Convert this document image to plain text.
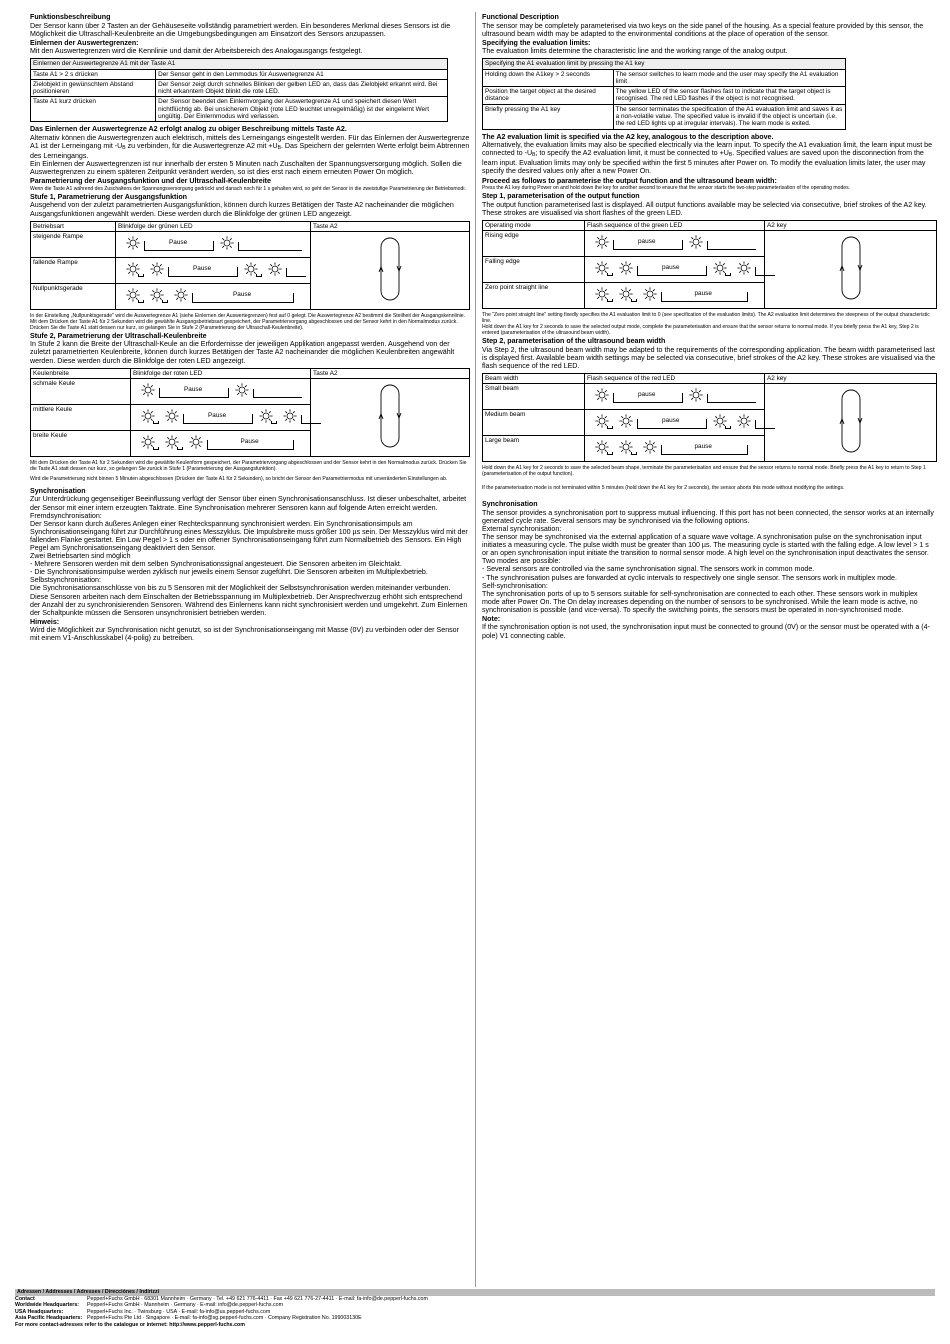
Funktionsbeschreibung
Der Sensor kann über 2 Tasten an der Gehäuseseite vollständig parametriert werden. Ein besonderes Merkmal dieses Sensors ist die Möglichkeit die Ultraschall-Keulenbreite an die Umgebungsbedingungen am Einsatzort des Sensors anzupassen.
Einlernen der Auswertegrenzen:
Mit den Auswertegrenzen wird die Kennlinie und damit der Arbeitsbereich des Analogausgangs festgelegt.
Einlernen der Auswertegrenze A1 mit der Taste A1	
Taste A1 > 2 s drücken	Der Sensor geht in den Lernmodus für Auswertegrenze A1
Zielobjekt in gewünschtem Abstand positionieren	Der Sensor zeigt durch schnelles Blinken der gelben LED an, dass das Zielobjekt erkannt wird. Bei nicht erkanntem Objekt blinkt die rote LED.
Taste A1 kurz drücken	Der Sensor beendet den Einlernvorgang der Auswertegrenze A1 und speichert diesen Wert nichtflüchtig ab. Bei unsicherem Objekt (rote LED leuchtet unregelmäßig) ist der eingelernt Wert ungültig. Der Einlernmodus wird verlassen.
Das Einlernen der Auswertegrenze A2 erfolgt analog zu obiger Beschreibung mittels Taste A2.
Alternativ können die Auswertegrenzen auch elektrisch, mittels des Lerneingangs eingestellt werden. Für das Einlernen der Auswertegrenze A1 ist der Lerneingang mit $-U_B$ zu verbinden, für die Auswertegrenze A2 mit $+U_B$. Das Speichern der gelernten Werte erfolgt beim Abtrennen des Lerneingangs.
Ein Einlernen der Auswertegrenzen ist nur innerhalb der ersten 5 Minuten nach Zuschalten der Spannungsversorgung möglich. Sollen die Auswertegrenzen zu einem späteren Zeitpunkt verändert werden, so ist dies erst nach einem erneuten Power On möglich.
Parametrierung der Ausgangsfunktion und der Ultraschall-Keulenbreite
Wenn die Taste A1 während des Zuschaltens der Spannungsversorgung gedrückt und danach noch für 1 s gehalten wird, so geht der Sensor in die zweistufige Parametrierung der Betriebsmodi.
Stufe 1, Parametrierung der Ausgangsfunktion
Ausgehend von der zuletzt parametrierten Ausgangsfunktion, können durch kurzes Betätigen der Taste A2 nacheinander die möglichen Ausgangsfunktionen angewählt werden. Diese werden durch die Blinkfolge der grünen LED angezeigt.
Betriebsart	Blinkfolge der grünen LED	Taste A2
steigende Rampe	Pause

fallende Rampe	Pause	

Nullpunktsgerade	Pause	
In der Einstellung „Nullpunktsgerade" wird die Auswertegrenze A1 (siehe Einlernen der Auswertegrenzen) fest auf 0 gelegt. Die Auswertegrenze A2 bestimmt die Steilheit der Ausgangskennlinie.
Mit dem Drücken der Taste A1 für 2 Sekunden wird die gewählte Ausgangsbetriebsart gespeichert, der Parametriervorgang abgeschlossen und der Sensor kehrt in den Normalmodus zurück. Drücken Sie die Taste A1 statt dessen nur kurz, so gelangen Sie in Stufe 2 (Parametrierung der Ultraschall-Keulenbreite).
Stufe 2, Parametrierung der Ultraschall-Keulenbreite
In Stufe 2 kann die Breite der Ultraschall-Keule an die Erfordernisse der jeweiligen Applikation angepasst werden. Ausgehend von der zuletzt parametrierten Keulenbreite, können durch kurzes Betätigen der Taste A2 nacheinander die möglichen Keulenbreiten angewählt werden. Diese werden durch die Blinkfolge der roten LED angezeigt.
Keulenbreite	Blinkfolge der roten LED	Taste A2
schmale Keule	Pause

mittlere Keule	Pause	

breite Keule	Pause	
Mit dem Drücken der Taste A1 für 2 Sekunden wird die gewählte Keulenform gespeichert, der Parametriervorgang abgeschlossen und der Sensor kehrt in den Normalmodus zurück. Drücken Sie die Taste A1 statt dessen nur kurz, so gelangen Sie zurück in Stufe 1 (Parametrierung der Ausgangsfunktion).
Wird die Parametrierung nicht binnen 5 Minuten abgeschlossen (Drücken der Taste A1 für 2 Sekunden), so bricht der Sensor den Parametriermodus mit unveränderten Einstellungen ab.
Synchronisation
Zur Unterdrückung gegenseitiger Beeinflussung verfügt der Sensor über einen Synchronisationsanschluss. Ist dieser unbeschaltet, arbeitet der Sensor mit einer intern erzeugten Taktrate. Eine Synchronisation mehrerer Sensoren kann auf folgende Arten erreicht werden.
Fremdsynchronisation:
Der Sensor kann durch äußeres Anlegen einer Rechteckspannung synchronisiert werden. Ein Synchronisationsimpuls am Synchronisationseingang führt zur Durchführung eines Messzyklus. Die Impulsbreite muss größer 100 µs sein. Der Messzyklus wird mit der fallenden Flanke gestartet. Ein Low Pegel > 1 s oder ein offener Synchronisationseingang führt zum Normalbetrieb des Sensors. Ein High Pegel am Synchronisationseingang deaktiviert den Sensor.
Zwei Betriebsarten sind möglich
- Mehrere Sensoren werden mit dem selben Synchronisationssignal angesteuert. Die Sensoren arbeiten im Gleichtakt.
- Die Synchronisationsimpulse werden zyklisch nur jeweils einem Sensor zugeführt. Die Sensoren arbeiten im Multiplexbetrieb.
Selbstsynchronisation:
Die Synchronisationsanschlüsse von bis zu 5 Sensoren mit der Möglichkeit der Selbstsynchronisation werden miteinander verbunden. Diese Sensoren arbeiten nach dem Einschalten der Betriebsspannung im Multiplexbetrieb. Der Ansprechverzug erhöht sich entsprechend der Anzahl der zu synchronisierenden Sensoren. Während des Einlernens kann nicht synchronisiert werden und umgekehrt. Zum Einlernen der Schaltpunkte müssen die Sensoren unsynchronisiert betrieben werden.
Hinweis:
Wird die Möglichkeit zur Synchronisation nicht genutzt, so ist der Synchronisationseingang mit Masse (0V) zu verbinden oder der Sensor mit einem V1-Anschlusskabel (4-polig) zu betreiben.
Functional Description
The sensor may be completely parameterised via two keys on the side panel of the housing. As a special feature provided by this sensor, the ultrasound beam width may be adapted to the environmental conditions at the place of operation of the sensor.
Specifying the evaluation limits:
The evaluation limits determine the characteristic line and the working range of the analog output.
Specifying the A1 evaluation limit by pressing the A1 key	
Holding down the A1key > 2 seconds	The sensor switches to learn mode and the user may specify the A1 evaluation limit
Position the target object at the desired distance	The yellow LED of the sensor flashes fast to indicate that the target object is recognised. The red LED flashes if the object is not recognised.
Briefly pressing the A1 key	The sensor terminates the specification of the A1 evaluation limit and saves it as a non-volatile value. The specified value is invalid if the object is uncertain (i.e. the red LED lights up at irregular intervals). The learn mode is exited.
The A2 evaluation limit is specified via the A2 key, analogous to the description above.
Alternatively, the evaluation limits may also be specified electrically via the learn input. To specify the A1 evaluation limit, the learn input must be connected to $-U_B$; to specify the A2 evaluation limit, it must be connected to $+U_B$. Specified values are saved upon the disconnection from the learn input. Evaluation limits may only be specified within the first 5 minutes after Power on. To modify the evaluation limits later, the user may specify the desired values only after a new Power On.
Proceed as follows to parameterise the output function and the ultrasound beam width:
Press the A1 key during Power on and hold down the key for another second to ensure that the sensor starts the two-step parameterisation of the operating modes.
Step 1, parameterisation of the output function
The output function parameterised last is displayed. All output functions available may be selected via consecutive, brief strokes of the A2 key. These strokes are visualised via short flashes of the green LED.
Operating mode	Flash sequence of the green LED	A2 key
Rising edge	pause

Falling edge	pause	

Zero point straight line	pause	
The "Zero point straight line" setting fixedly specifies the A1 evaluation limit to 0 (see specification of the evaluation limits). The A2 evaluation limit determines the steepness of the output characteristic line.
Hold down the A1 key for 2 seconds to save the selected output mode, complete the parameterisation and ensure that the sensor returns to normal mode. If you briefly press the A1 key, Step 2 is entered (parameterisation of the ultrasound beam width).
Step 2, parameterisation of the ultrasound beam width
Via Step 2, the ultrasound beam width may be adapted to the requirements of the corresponding application. The beam width parameterised last is displayed first. Available beam width settings may be selected via consecutive, brief strokes of the A2 key. These strokes are visualised via the flash sequence of the red LED.
Beam width	Flash sequence of the red LED	A2 key
Small beam	pause

Medium beam	pause	

Large beam	pause	
Hold down the A1 key for 2 seconds to save the selected beam shape, terminate the parameterisation and ensure that the sensor returns to normal mode. Briefly press the A1 key to return to Step 1 (parameterisation of the output function).
If the parameterisation mode is not terminated within 5 minutes (hold down the A1 key for 2 seconds), the sensor aborts this mode without modifying the settings.
Synchronisation
The sensor provides a synchronisation port to suppress mutual influencing. If this port has not been connected, the sensor works at an internally generated cycle rate. Several sensors may be synchronised via the following options.
External synchronisation:
The sensor may be synchronised via the external application of a square wave voltage. A synchronisation pulse on the synchronisation input initiates a measuring cycle. The pulse width must be greater than 100 µs. The measuring cycle is started with the falling edge. A low level > 1 s or an open synchronisation input initiate the transition to normal sensor mode. A high level on the synchronisation input deactivates the sensor.
Two modes are possible:
- Several sensors are controlled via the same synchronisation signal. The sensors work in common mode.
- The synchronisation pulses are forwarded at cyclic intervals to respectively one single sensor. The sensors work in multiplex mode.
Self-synchronisation:
The synchronisation ports of up to 5 sensors suitable for self-synchronisation are connected to each other. These sensors work in multiplex mode after Power On. The On delay increases depending on the number of sensors to be synchronised. While the learn mode is active, no synchronisation is possible (and vice-versa). To specify the switching points, the sensors must be operated in non-synchronised mode.
Note:
If the synchronisation option is not used, the synchronisation input must be connected to ground (0V) or the sensor must be operated with a (4-pole) V1 connecting cable.
Adressen / Addresses / Adresses / Direcciónes / Indirizzi
Contact	Pepperl+Fuchs GmbH · 68301 Mannheim · Germany · Tel. +49 621 776-4411 · Fax +49 621 776-27-4411 · E-mail: fa-info@de.pepperl-fuchs.com
Worldwide Headquarters:	Pepperl+Fuchs GmbH · Mannheim · Germany · E-mail: info@de.pepperl-fuchs.com
USA Headquarters:	Pepperl+Fuchs Inc. · Twinsburg · USA · E-mail: fa-info@us.pepperl-fuchs.com
Asia Pacific Headquarters: Pepperl+Fuchs Pte Ltd · Singapore · E-mail: fa-info@sg.pepperl-fuchs.com · Company Registration No. 199003130E
For more contact-adresses refer to the catalogue or internet: http://www.pepperl-fuchs.com
